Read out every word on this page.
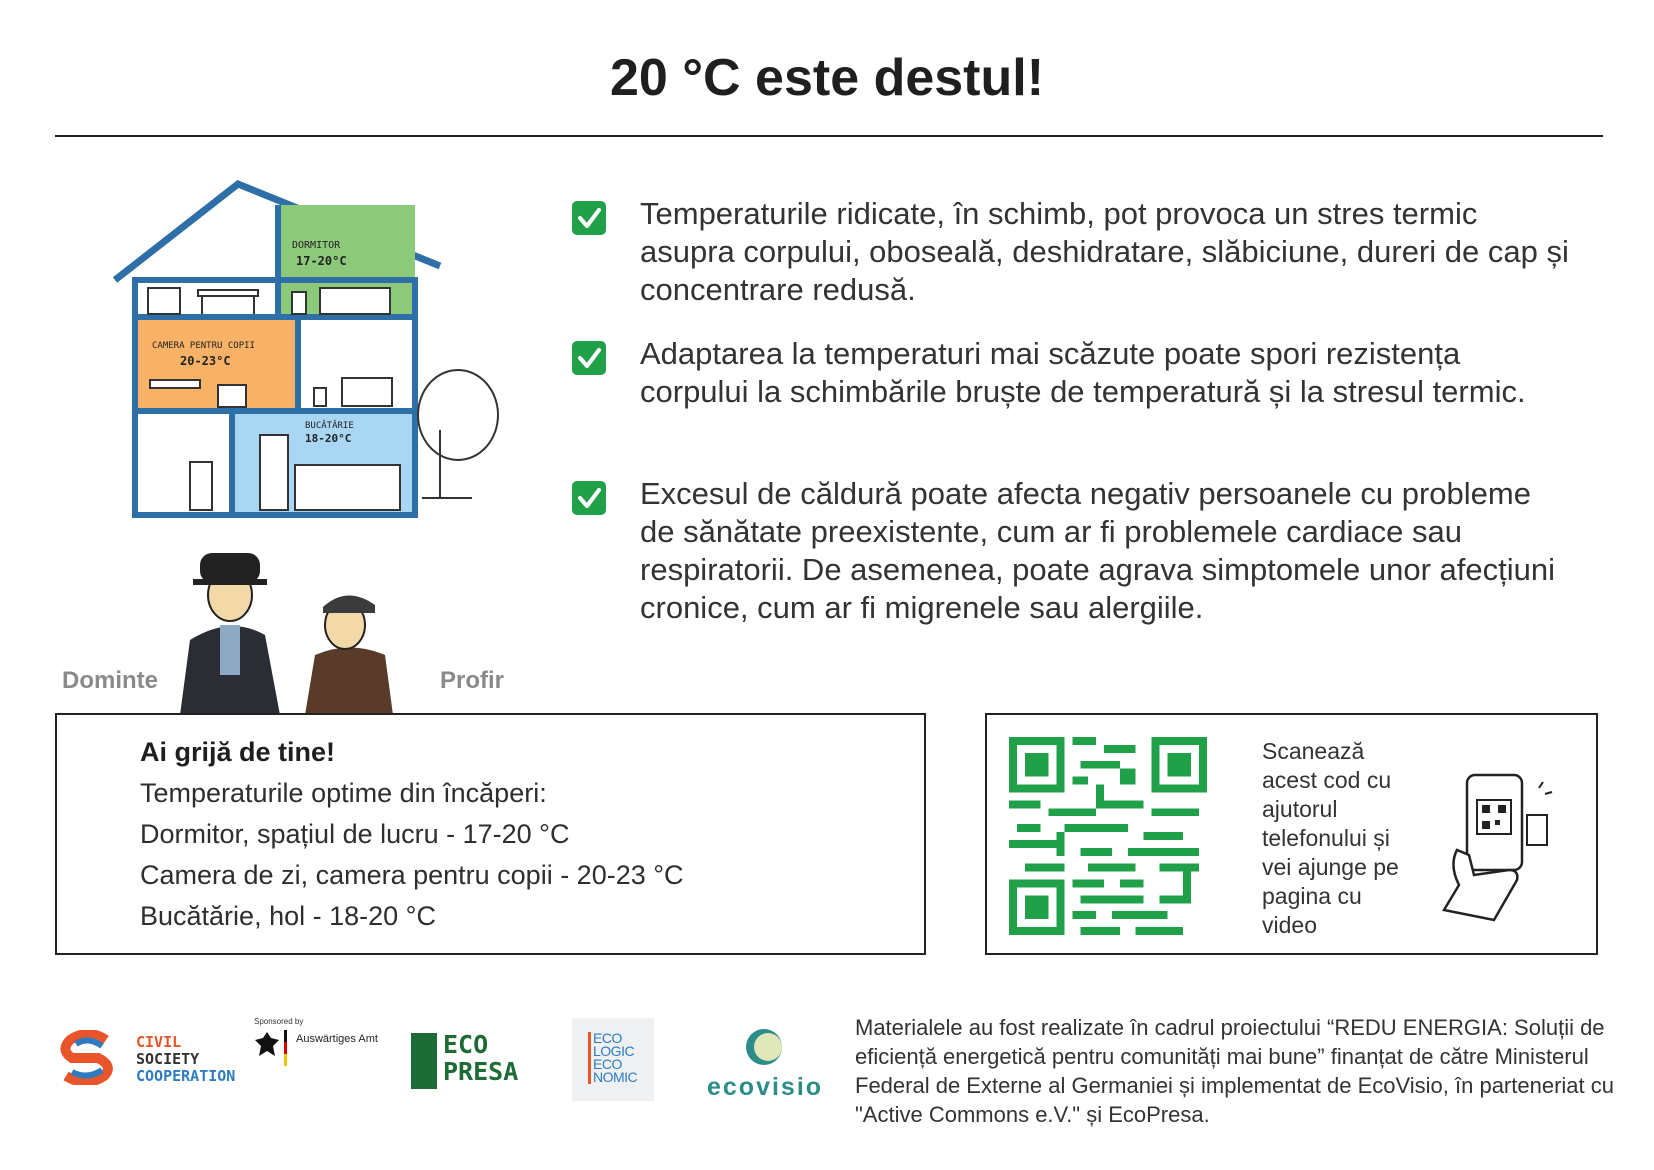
20 °C este destul!
DORMITOR
17-20°C
CAMERA PENTRU COPII
20-23°C
BUCĂTĂRIE
18-20°C
Dominte	Profir
Temperaturile ridicate, în schimb, pot provoca un stres termic asupra corpului, oboseală, deshidratare, slăbiciune, dureri de cap și concentrare redusă.
Adaptarea la temperaturi mai scăzute poate spori rezistența corpului la schimbările bruște de temperatură și la stresul termic.
Excesul de căldură poate afecta negativ persoanele cu probleme de sănătate preexistente, cum ar fi problemele cardiace sau respiratorii. De asemenea, poate agrava simptomele unor afecțiuni cronice, cum ar fi migrenele sau alergiile.
Ai grijă de tine!
Temperaturile optime din încăperi:
Dormitor, spațiul de lucru - 17-20 °C
Camera de zi, camera pentru copii - 20-23 °C
Bucătărie, hol - 18-20 °C
Scanează acest cod cu ajutorul telefonului și vei ajunge pe pagina cu video
CIVIL
SOCIETY
COOPERATION
Sponsored by
Auswärtiges Amt	ECO
PRESA
ECO
LOGIC
ECO
NOMIC	ecovisio
Materialele au fost realizate în cadrul proiectului “REDU ENERGIA: Soluții de eficiență energetică pentru comunități mai bune” finanțat de către Ministerul Federal de Externe al Germaniei și implementat de EcoVisio, în parteneriat cu "Active Commons e.V." și EcoPresa.
